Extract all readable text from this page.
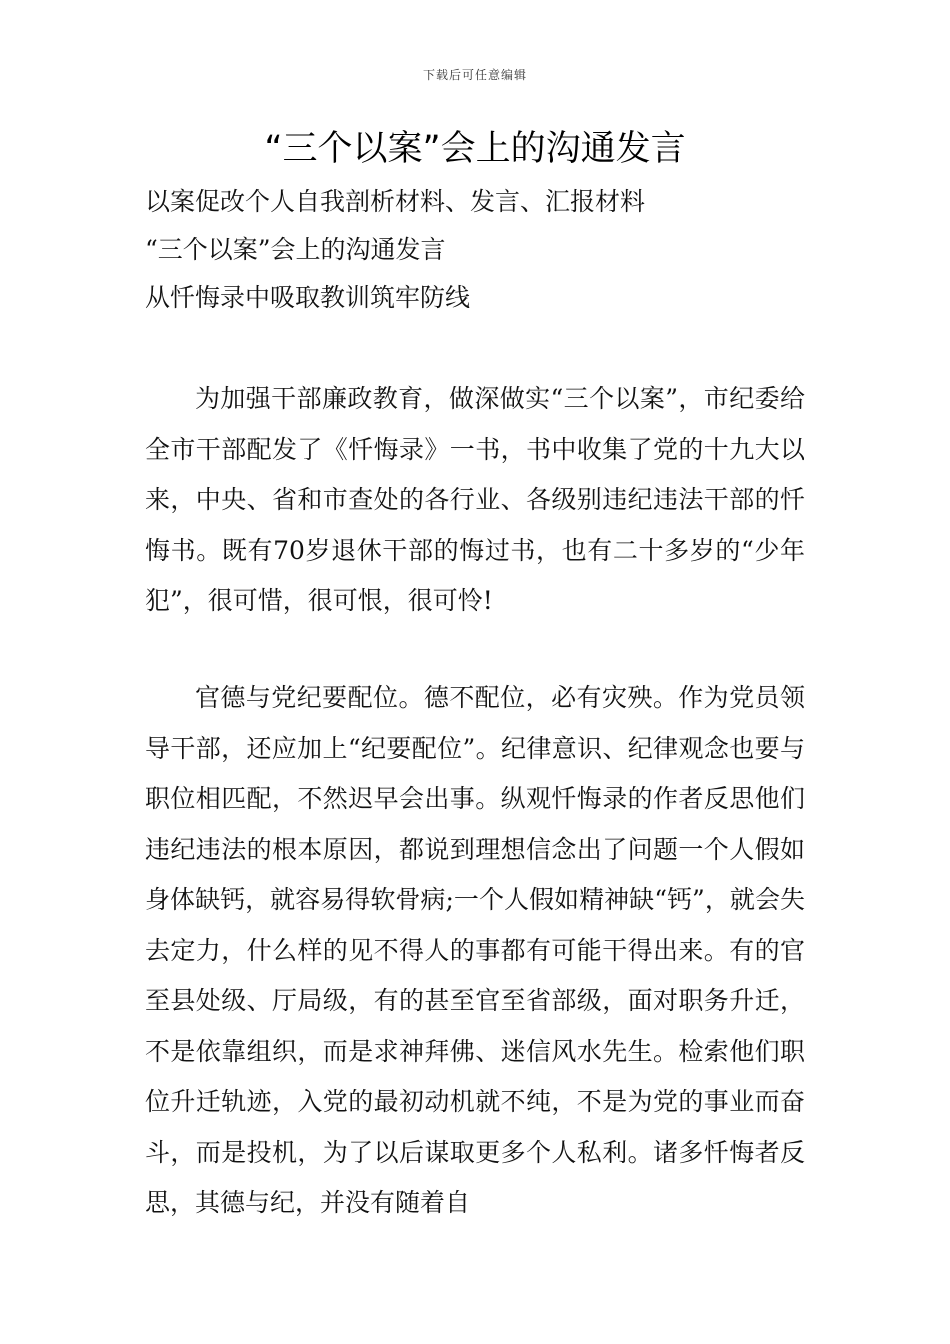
下载后可任意编辑
“三个以案”会上的沟通发言
以案促改个人自我剖析材料、发言、汇报材料
“三个以案”会上的沟通发言
从忏悔录中吸取教训筑牢防线

为加强干部廉政教育，做深做实“三个以案”，市纪委给全市干部配发了《忏悔录》一书，书中收集了党的十九大以来，中央、省和市查处的各行业、各级别违纪违法干部的忏悔书。既有70岁退休干部的悔过书，也有二十多岁的“少年犯”，很可惜，很可恨，很可怜!

官德与党纪要配位。德不配位，必有灾殃。作为党员领导干部，还应加上“纪要配位”。纪律意识、纪律观念也要与职位相匹配，不然迟早会出事。纵观忏悔录的作者反思他们违纪违法的根本原因，都说到理想信念出了问题一个人假如身体缺钙，就容易得软骨病;一个人假如精神缺“钙”，就会失去定力，什么样的见不得人的事都有可能干得出来。有的官至县处级、厅局级，有的甚至官至省部级，面对职务升迁，不是依靠组织，而是求神拜佛、迷信风水先生。检索他们职位升迁轨迹，入党的最初动机就不纯，不是为党的事业而奋斗，而是投机，为了以后谋取更多个人私利。诸多忏悔者反思，其德与纪，并没有随着自
